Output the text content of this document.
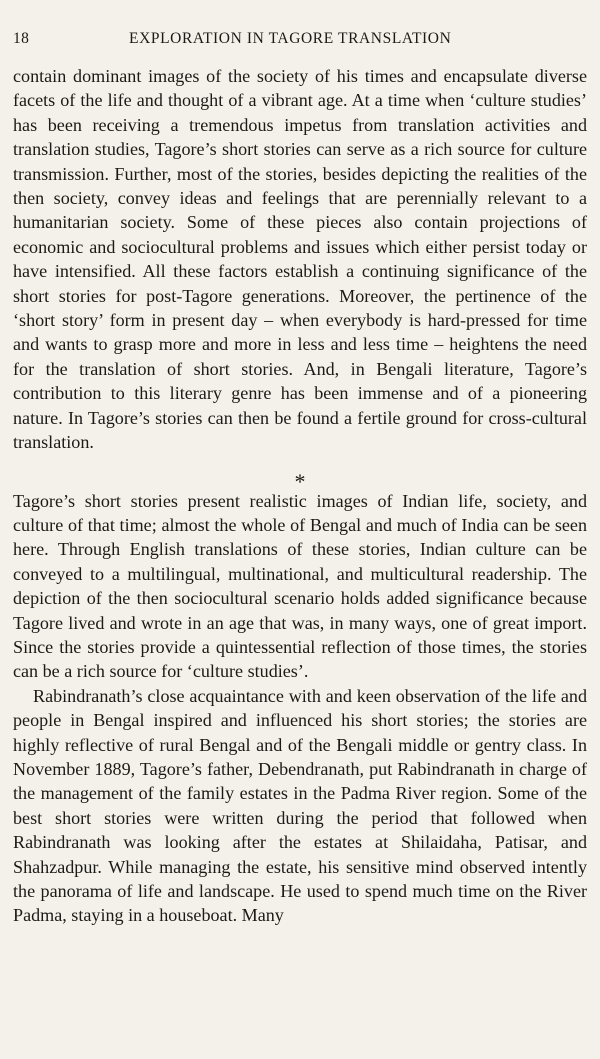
18	EXPLORATION IN TAGORE TRANSLATION

contain dominant images of the society of his times and encapsulate diverse facets of the life and thought of a vibrant age. At a time when ‘culture studies’ has been receiving a tremendous impetus from translation activities and translation studies, Tagore’s short stories can serve as a rich source for culture transmission. Further, most of the stories, besides depicting the realities of the then society, convey ideas and feelings that are perennially relevant to a humanitarian society. Some of these pieces also contain projections of economic and sociocultural problems and issues which either persist today or have intensified. All these factors establish a continuing significance of the short stories for post-Tagore generations. Moreover, the pertinence of the ‘short story’ form in present day – when everybody is hard-pressed for time and wants to grasp more and more in less and less time – heightens the need for the translation of short stories. And, in Bengali literature, Tagore’s contribution to this literary genre has been immense and of a pioneering nature. In Tagore’s stories can then be found a fertile ground for cross-cultural translation.

*

Tagore’s short stories present realistic images of Indian life, society, and culture of that time; almost the whole of Bengal and much of India can be seen here. Through English translations of these stories, Indian culture can be conveyed to a multilingual, multinational, and multicultural readership. The depiction of the then sociocultural scenario holds added significance because Tagore lived and wrote in an age that was, in many ways, one of great import. Since the stories provide a quintessential reflection of those times, the stories can be a rich source for ‘culture studies’.

Rabindranath’s close acquaintance with and keen observation of the life and people in Bengal inspired and influenced his short stories; the stories are highly reflective of rural Bengal and of the Bengali middle or gentry class. In November 1889, Tagore’s father, Debendranath, put Rabindranath in charge of the management of the family estates in the Padma River region. Some of the best short stories were written during the period that followed when Rabindranath was looking after the estates at Shilaidaha, Patisar, and Shahzadpur. While managing the estate, his sensitive mind observed intently the panorama of life and landscape. He used to spend much time on the River Padma, staying in a houseboat. Many
